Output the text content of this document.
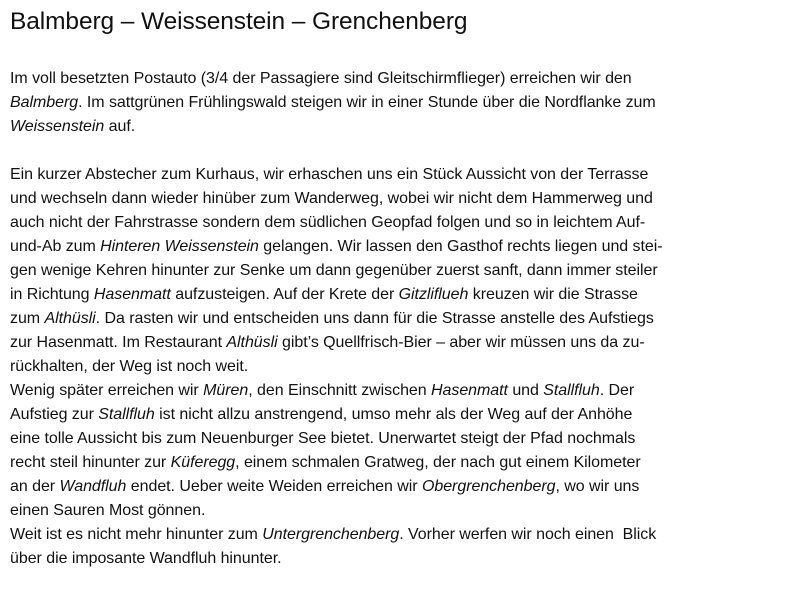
Balmberg – Weissenstein – Grenchenberg
Im voll besetzten Postauto (3/4 der Passagiere sind Gleitschirmflieger) erreichen wir den
Balmberg. Im sattgrünen Frühlingswald steigen wir in einer Stunde über die Nordflanke zum
Weissenstein auf.
Ein kurzer Abstecher zum Kurhaus, wir erhaschen uns ein Stück Aussicht von der Terrasse
und wechseln dann wieder hinüber zum Wanderweg, wobei wir nicht dem Hammerweg und
auch nicht der Fahrstrasse sondern dem südlichen Geopfad folgen und so in leichtem Auf-
und-Ab zum Hinteren Weissenstein gelangen. Wir lassen den Gasthof rechts liegen und stei-
gen wenige Kehren hinunter zur Senke um dann gegenüber zuerst sanft, dann immer steiler
in Richtung Hasenmatt aufzusteigen. Auf der Krete der Gitzliflueh kreuzen wir die Strasse
zum Althüsli. Da rasten wir und entscheiden uns dann für die Strasse anstelle des Aufstiegs
zur Hasenmatt. Im Restaurant Althüsli gibt’s Quellfrisch-Bier – aber wir müssen uns da zu-
rückhalten, der Weg ist noch weit.
Wenig später erreichen wir Müren, den Einschnitt zwischen Hasenmatt und Stallfluh. Der
Aufstieg zur Stallfluh ist nicht allzu anstrengend, umso mehr als der Weg auf der Anhöhe
eine tolle Aussicht bis zum Neuenburger See bietet. Unerwartet steigt der Pfad nochmals
recht steil hinunter zur Küferegg, einem schmalen Gratweg, der nach gut einem Kilometer
an der Wandfluh endet. Ueber weite Weiden erreichen wir Obergrenchenberg, wo wir uns
einen Sauren Most gönnen.
Weit ist es nicht mehr hinunter zum Untergrenchenberg. Vorher werfen wir noch einen  Blick
über die imposante Wandfluh hinunter.
